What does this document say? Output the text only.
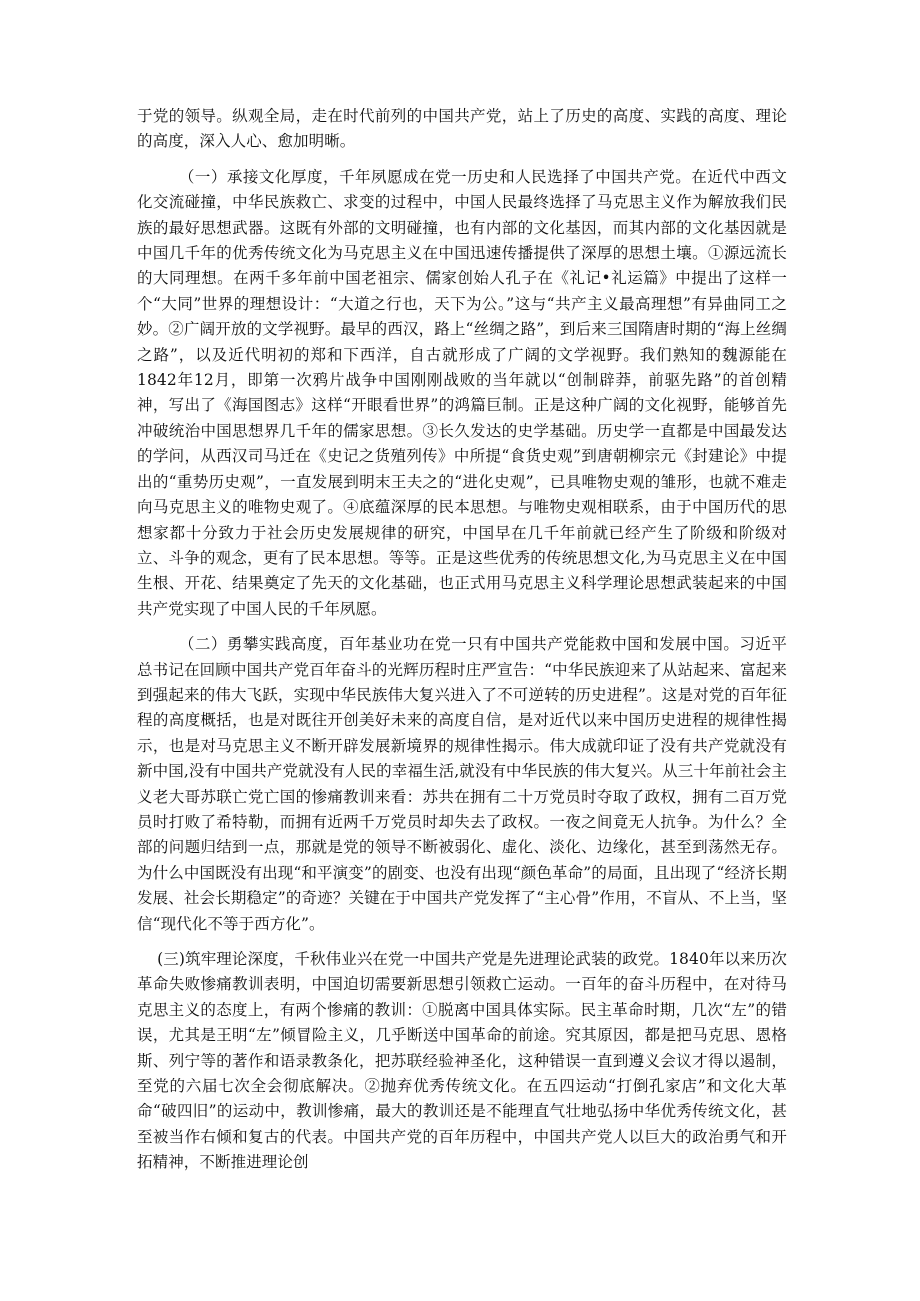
于党的领导。纵观全局，走在时代前列的中国共产党，站上了历史的高度、实践的高度、理论的高度，深入人心、愈加明晰。

（一）承接文化厚度，千年夙愿成在党一历史和人民选择了中国共产党。在近代中西文化交流碰撞，中华民族救亡、求变的过程中，中国人民最终选择了马克思主义作为解放我们民族的最好思想武器。这既有外部的文明碰撞，也有内部的文化基因，而其内部的文化基因就是中国几千年的优秀传统文化为马克思主义在中国迅速传播提供了深厚的思想土壤。①源远流长的大同理想。在两千多年前中国老祖宗、儒家创始人孔子在《礼记•礼运篇》中提出了这样一个“大同”世界的理想设计：“大道之行也，天下为公。”这与“共产主义最高理想”有异曲同工之妙。②广阔开放的文学视野。最早的西汉，路上“丝绸之路”，到后来三国隋唐时期的“海上丝绸之路”，以及近代明初的郑和下西洋，自古就形成了广阔的文学视野。我们熟知的魏源能在1842年12月，即第一次鸦片战争中国刚刚战败的当年就以“创制辟莽，前驱先路”的首创精神，写出了《海国图志》这样“开眼看世界”的鸿篇巨制。正是这种广阔的文化视野，能够首先冲破统治中国思想界几千年的儒家思想。③长久发达的史学基础。历史学一直都是中国最发达的学问，从西汉司马迁在《史记之货殖列传》中所提“食货史观”到唐朝柳宗元《封建论》中提出的“重势历史观”，一直发展到明末王夫之的“进化史观”，已具唯物史观的雏形，也就不难走向马克思主义的唯物史观了。④底蕴深厚的民本思想。与唯物史观相联系，由于中国历代的思想家都十分致力于社会历史发展规律的研究，中国早在几千年前就已经产生了阶级和阶级对立、斗争的观念，更有了民本思想。等等。正是这些优秀的传统思想文化,为马克思主义在中国生根、开花、结果奠定了先天的文化基础，也正式用马克思主义科学理论思想武装起来的中国共产党实现了中国人民的千年夙愿。

（二）勇攀实践高度，百年基业功在党一只有中国共产党能救中国和发展中国。习近平总书记在回顾中国共产党百年奋斗的光辉历程时庄严宣告：“中华民族迎来了从站起来、富起来到强起来的伟大飞跃，实现中华民族伟大复兴进入了不可逆转的历史进程”。这是对党的百年征程的高度概括，也是对既往开创美好未来的高度自信，是对近代以来中国历史进程的规律性揭示，也是对马克思主义不断开辟发展新境界的规律性揭示。伟大成就印证了没有共产党就没有新中国,没有中国共产党就没有人民的幸福生活,就没有中华民族的伟大复兴。从三十年前社会主义老大哥苏联亡党亡国的惨痛教训来看：苏共在拥有二十万党员时夺取了政权，拥有二百万党员时打败了希特勒，而拥有近两千万党员时却失去了政权。一夜之间竟无人抗争。为什么？全部的问题归结到一点，那就是党的领导不断被弱化、虚化、淡化、边缘化，甚至到荡然无存。为什么中国既没有出现“和平演变”的剧变、也没有出现“颜色革命”的局面，且出现了“经济长期发展、社会长期稳定”的奇迹？关键在于中国共产党发挥了“主心骨”作用，不盲从、不上当，坚信“现代化不等于西方化”。

(三)筑牢理论深度，千秋伟业兴在党一中国共产党是先进理论武装的政党。1840年以来历次革命失败惨痛教训表明，中国迫切需要新思想引领救亡运动。一百年的奋斗历程中，在对待马克思主义的态度上，有两个惨痛的教训：①脱离中国具体实际。民主革命时期，几次“左”的错误，尤其是王明“左”倾冒险主义，几乎断送中国革命的前途。究其原因，都是把马克思、恩格斯、列宁等的著作和语录教条化，把苏联经验神圣化，这种错误一直到遵义会议才得以遏制，至党的六届七次全会彻底解决。②抛弃优秀传统文化。在五四运动“打倒孔家店”和文化大革命“破四旧”的运动中，教训惨痛，最大的教训还是不能理直气壮地弘扬中华优秀传统文化，甚至被当作右倾和复古的代表。中国共产党的百年历程中，中国共产党人以巨大的政治勇气和开拓精神，不断推进理论创
